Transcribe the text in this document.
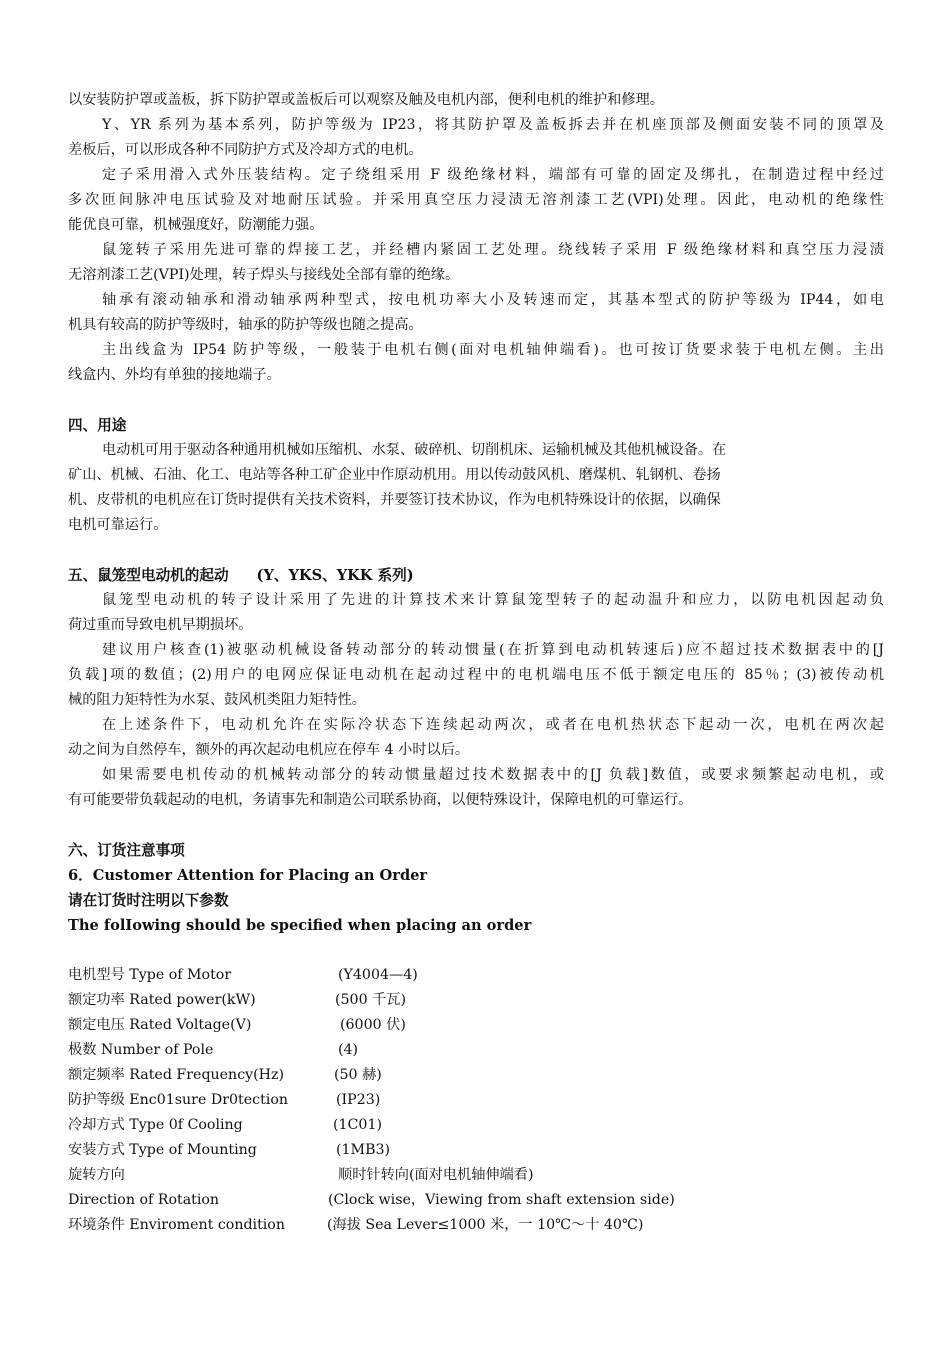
以安装防护罩或盖板，拆下防护罩或盖板后可以观察及触及电机内部，便利电机的维护和修理。
Y、YR 系列为基本系列，防护等级为 IP23，将其防护罩及盖板拆去并在机座顶部及侧面安装不同的顶罩及
差板后，可以形成各种不同防护方式及冷却方式的电机。
定子采用滑入式外压装结构。定子绕组采用 F 级绝缘材料，端部有可靠的固定及绑扎，在制造过程中经过
多次匝间脉冲电压试验及对地耐压试验。并采用真空压力浸渍无溶剂漆工艺(VPI)处理。因此，电动机的绝缘性
能优良可靠，机械强度好，防潮能力强。
鼠笼转子采用先进可靠的焊接工艺，并经槽内紧固工艺处理。绕线转子采用 F 级绝缘材料和真空压力浸渍
无溶剂漆工艺(VPI)处理，转子焊头与接线处全部有靠的绝缘。
轴承有滚动轴承和滑动轴承两种型式，按电机功率大小及转速而定，其基本型式的防护等级为 IP44，如电
机具有较高的防护等级时，轴承的防护等级也随之提高。
主出线盒为 IP54 防护等级，一般装于电机右侧(面对电机轴伸端看)。也可按订货要求装于电机左侧。主出
线盒内、外均有单独的接地端子。
四、用途
电动机可用于驱动各种通用机械如压缩机、水泵、破碎机、切削机床、运输机械及其他机械设备。在
矿山、机械、石油、化工、电站等各种工矿企业中作原动机用。用以传动鼓风机、磨煤机、轧钢机、卷扬
机、皮带机的电机应在订货时提供有关技术资料，并要签订技术协议，作为电机特殊设计的依据，以确保
电机可靠运行。
五、鼠笼型电动机的起动 (Y、YKS、YKK 系列)
鼠笼型电动机的转子设计采用了先进的计算技术来计算鼠笼型转子的起动温升和应力，以防电机因起动负
荷过重而导致电机早期损坏。
建议用户核查(1)被驱动机械设备转动部分的转动惯量(在折算到电动机转速后)应不超过技术数据表中的[J
负载]项的数值；(2)用户的电网应保证电动机在起动过程中的电机端电压不低于额定电压的 85％；(3)被传动机
械的阻力矩特性为水泵、鼓风机类阻力矩特性。
在上述条件下，电动机允许在实际冷状态下连续起动两次，或者在电机热状态下起动一次，电机在两次起
动之间为自然停车，额外的再次起动电机应在停车 4 小时以后。
如果需要电机传动的机械转动部分的转动惯量超过技术数据表中的[J 负载]数值，或要求频繁起动电机，或
有可能要带负载起动的电机，务请事先和制造公司联系协商，以便特殊设计，保障电机的可靠运行。
六、订货注意事项
6．Customer Attention for Placing an Order
请在订货时注明以下参数
The folIowing should be specified when placing an order
电机型号 Type of Motor	(Y4004—4)
额定功率 Rated power(kW)	(500 千瓦)
额定电压 Rated Voltage(V)	(6000 伏)
极数 Number of Pole	(4)
额定频率 Rated Frequency(Hz)	(50 赫)
防护等级 Enc01sure Dr0tection	(IP23)
冷却方式 Type 0f Cooling	(1C01)
安装方式 Type of Mounting	(1MB3)
旋转方向	顺时针转向(面对电机轴伸端看)
Direction of Rotation	(Clock wise，Viewing from shaft extension side)
环境条件 Enviroment condition	(海拔 Sea Lever≤1000 米，一 10℃～十 40℃)
